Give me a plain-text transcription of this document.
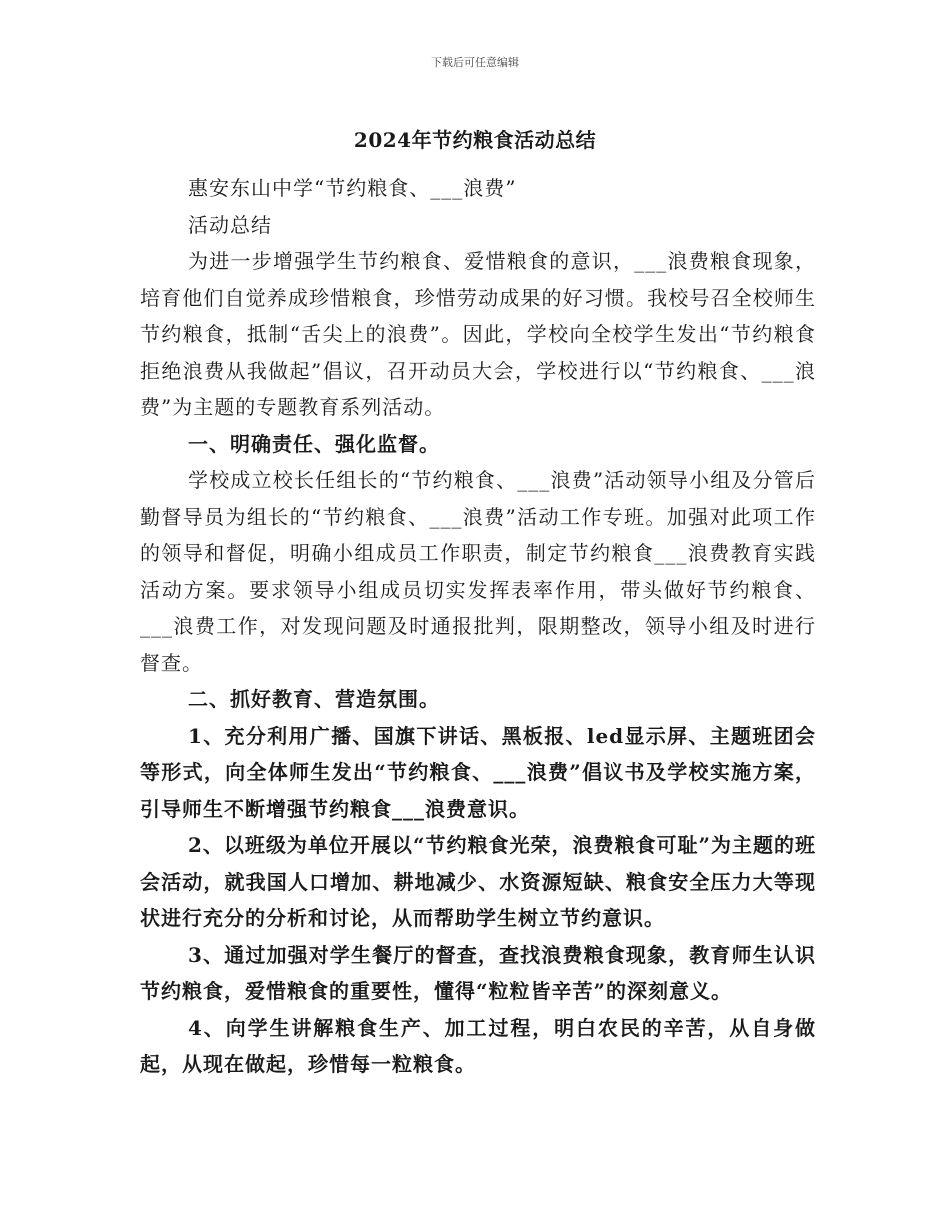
下载后可任意编辑
2024年节约粮食活动总结

惠安东山中学“节约粮食、___浪费”

活动总结

为进一步增强学生节约粮食、爱惜粮食的意识，___浪费粮食现象，培育他们自觉养成珍惜粮食，珍惜劳动成果的好习惯。我校号召全校师生节约粮食，抵制“舌尖上的浪费”。因此，学校向全校学生发出“节约粮食拒绝浪费从我做起”倡议，召开动员大会，学校进行以“节约粮食、___浪费”为主题的专题教育系列活动。

一、明确责任、强化监督。

学校成立校长任组长的“节约粮食、___浪费”活动领导小组及分管后勤督导员为组长的“节约粮食、___浪费”活动工作专班。加强对此项工作的领导和督促，明确小组成员工作职责，制定节约粮食___浪费教育实践活动方案。要求领导小组成员切实发挥表率作用，带头做好节约粮食、___浪费工作，对发现问题及时通报批判，限期整改，领导小组及时进行督查。

二、抓好教育、营造氛围。

1、充分利用广播、国旗下讲话、黑板报、led显示屏、主题班团会等形式，向全体师生发出“节约粮食、___浪费”倡议书及学校实施方案，引导师生不断增强节约粮食___浪费意识。

2、以班级为单位开展以“节约粮食光荣，浪费粮食可耻”为主题的班会活动，就我国人口增加、耕地减少、水资源短缺、粮食安全压力大等现状进行充分的分析和讨论，从而帮助学生树立节约意识。

3、通过加强对学生餐厅的督查，查找浪费粮食现象，教育师生认识节约粮食，爱惜粮食的重要性，懂得“粒粒皆辛苦”的深刻意义。

4、向学生讲解粮食生产、加工过程，明白农民的辛苦，从自身做起，从现在做起，珍惜每一粒粮食。
